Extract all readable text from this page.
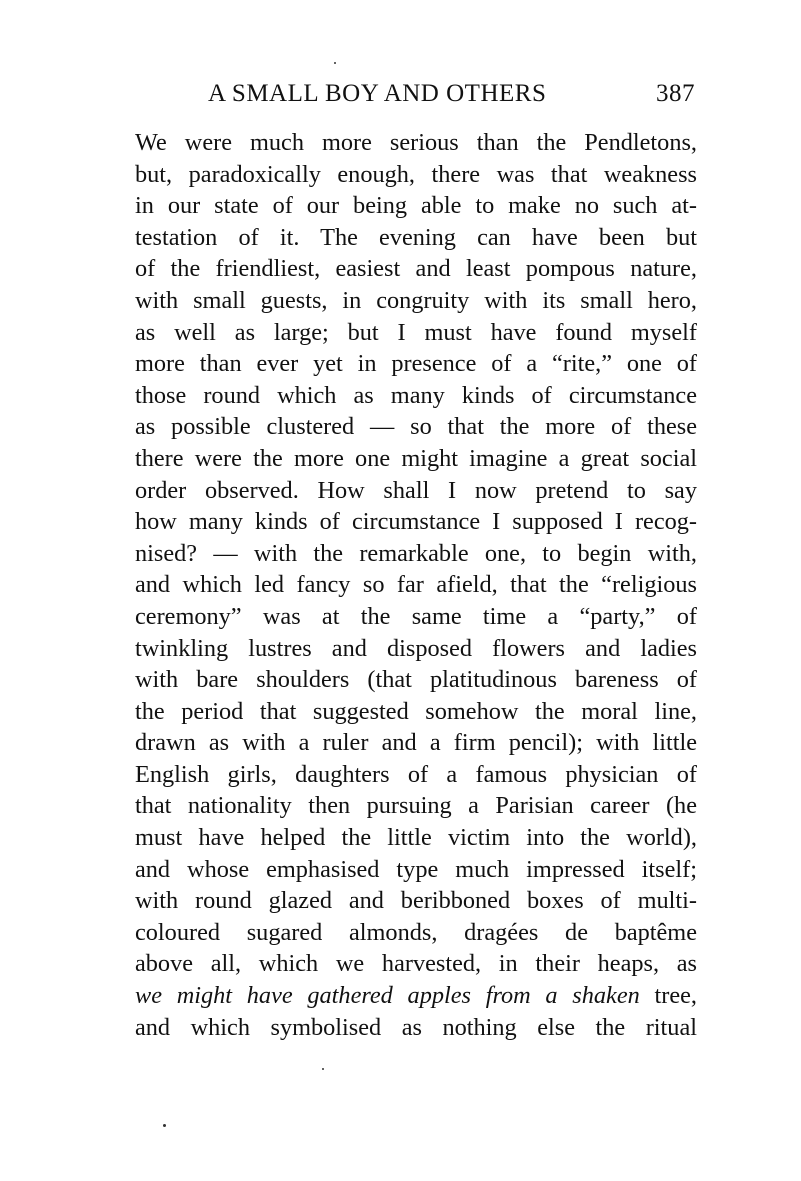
A SMALL BOY AND OTHERS	387
We were much more serious than the Pendletons,
but, paradoxically enough, there was that weakness
in our state of our being able to make no such at-
testation of it. The evening can have been but
of the friendliest, easiest and least pompous nature,
with small guests, in congruity with its small hero,
as well as large; but I must have found myself
more than ever yet in presence of a “rite,” one of
those round which as many kinds of circumstance
as possible clustered — so that the more of these
there were the more one might imagine a great social
order observed. How shall I now pretend to say
how many kinds of circumstance I supposed I recog-
nised? — with the remarkable one, to begin with,
and which led fancy so far afield, that the “religious
ceremony” was at the same time a “party,” of
twinkling lustres and disposed flowers and ladies
with bare shoulders (that platitudinous bareness of
the period that suggested somehow the moral line,
drawn as with a ruler and a firm pencil); with little
English girls, daughters of a famous physician of
that nationality then pursuing a Parisian career (he
must have helped the little victim into the world),
and whose emphasised type much impressed itself;
with round glazed and beribboned boxes of multi-
coloured sugared almonds, dragées de baptême
above all, which we harvested, in their heaps, as
we might have gathered apples from a shaken tree,
and which symbolised as nothing else the ritual
